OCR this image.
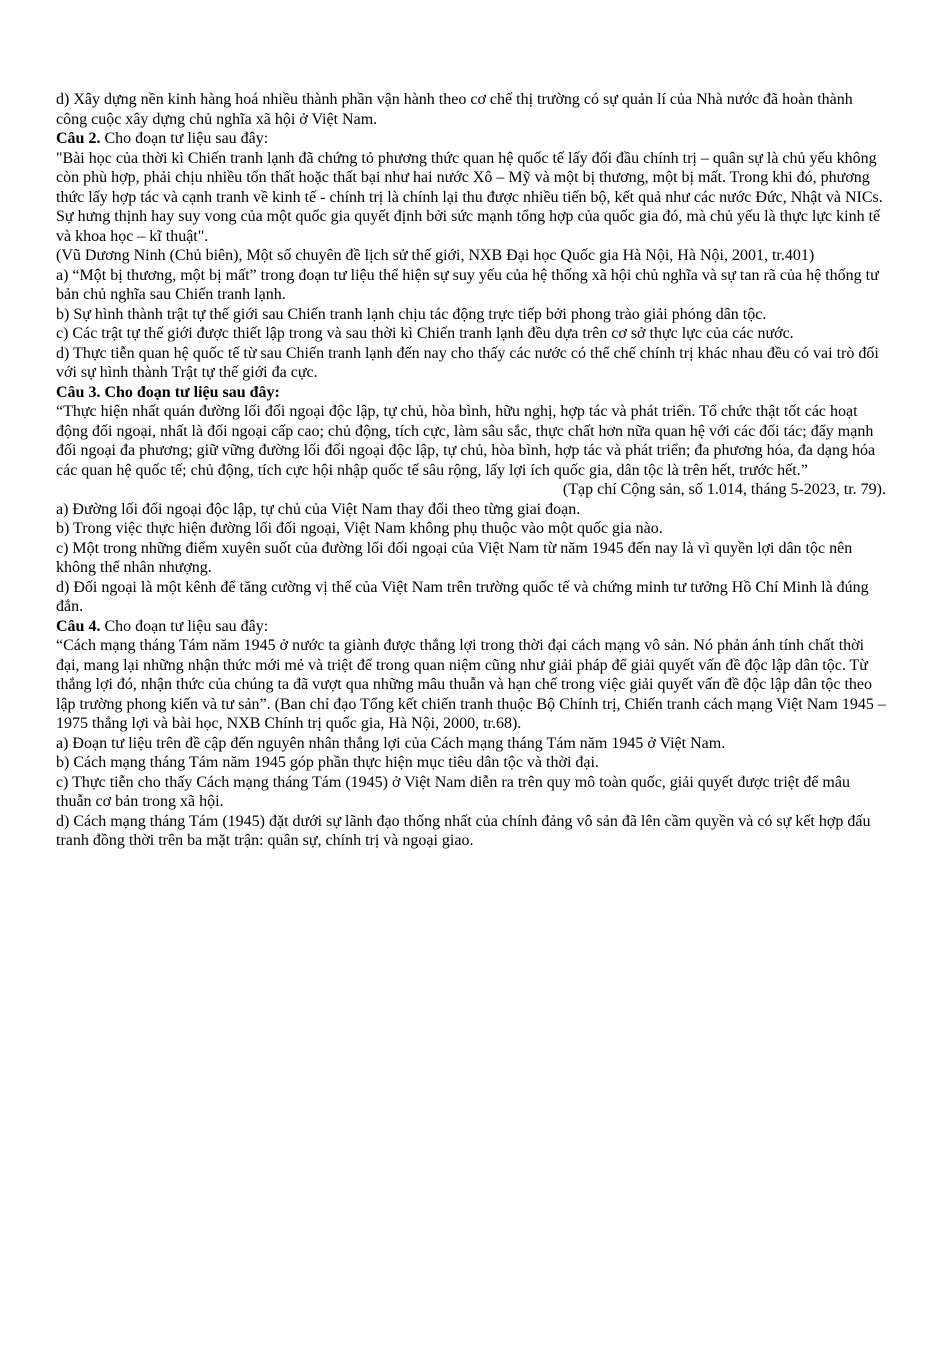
d) Xây dựng nền kinh hàng hoá nhiều thành phần vận hành theo cơ chế thị trường có sự quản lí của Nhà nước đã hoàn thành công cuộc xây dựng chủ nghĩa xã hội ở Việt Nam.

Câu 2. Cho đoạn tư liệu sau đây:

"Bài học của thời kì Chiến tranh lạnh đã chứng tỏ phương thức quan hệ quốc tế lấy đối đầu chính trị – quân sự là chủ yếu không còn phù hợp, phải chịu nhiều tổn thất hoặc thất bại như hai nước Xô – Mỹ và một bị thương, một bị mất. Trong khi đó, phương thức lấy hợp tác và cạnh tranh về kinh tế - chính trị là chính lại thu được nhiều tiến bộ, kết quả như các nước Đức, Nhật và NICs. Sự hưng thịnh hay suy vong của một quốc gia quyết định bởi sức mạnh tổng hợp của quốc gia đó, mà chủ yếu là thực lực kinh tế và khoa học – kĩ thuật".

(Vũ Dương Ninh (Chủ biên), Một số chuyên đề lịch sử thế giới, NXB Đại học Quốc gia Hà Nội, Hà Nội, 2001, tr.401)

a) “Một bị thương, một bị mất” trong đoạn tư liệu thể hiện sự suy yếu của hệ thống xã hội chủ nghĩa và sự tan rã của hệ thống tư bản chủ nghĩa sau Chiến tranh lạnh.

b) Sự hình thành trật tự thế giới sau Chiến tranh lạnh chịu tác động trực tiếp bởi phong trào giải phóng dân tộc.

c) Các trật tự thế giới được thiết lập trong và sau thời kì Chiến tranh lạnh đều dựa trên cơ sở thực lực của các nước.

d) Thực tiễn quan hệ quốc tế từ sau Chiến tranh lạnh đến nay cho thấy các nước có thể chế chính trị khác nhau đều có vai trò đối với sự hình thành Trật tự thế giới đa cực.

Câu 3. Cho đoạn tư liệu sau đây:

“Thực hiện nhất quán đường lối đối ngoại độc lập, tự chủ, hòa bình, hữu nghị, hợp tác và phát triển. Tổ chức thật tốt các hoạt động đối ngoại, nhất là đối ngoại cấp cao; chủ động, tích cực, làm sâu sắc, thực chất hơn nữa quan hệ với các đối tác; đẩy mạnh đối ngoại đa phương; giữ vững đường lối đối ngoại độc lập, tự chủ, hòa bình, hợp tác và phát triển; đa phương hóa, đa dạng hóa các quan hệ quốc tế; chủ động, tích cực hội nhập quốc tế sâu rộng, lấy lợi ích quốc gia, dân tộc là trên hết, trước hết.”

(Tạp chí Cộng sản, số 1.014, tháng 5-2023, tr. 79).

a) Đường lối đối ngoại độc lập, tự chủ của Việt Nam thay đổi theo từng giai đoạn.

b) Trong việc thực hiện đường lối đối ngoại, Việt Nam không phụ thuộc vào một quốc gia nào.

c) Một trong những điểm xuyên suốt của đường lối đối ngoại của Việt Nam từ năm 1945 đến nay là vì quyền lợi dân tộc nên không thể nhân nhượng.

d) Đối ngoại là một kênh để tăng cường vị thế của Việt Nam trên trường quốc tế và chứng minh tư tưởng Hồ Chí Minh là đúng đắn.

Câu 4. Cho đoạn tư liệu sau đây:

“Cách mạng tháng Tám năm 1945 ở nước ta giành được thắng lợi trong thời đại cách mạng vô sản. Nó phản ánh tính chất thời đại, mang lại những nhận thức mới mẻ và triệt để trong quan niệm cũng như giải pháp để giải quyết vấn đề độc lập dân tộc. Từ thắng lợi đó, nhận thức của chúng ta đã vượt qua những mâu thuẫn và hạn chế trong việc giải quyết vấn đề độc lập dân tộc theo lập trường phong kiến và tư sản”. (Ban chỉ đạo Tổng kết chiến tranh thuộc Bộ Chính trị, Chiến tranh cách mạng Việt Nam 1945 – 1975 thắng lợi và bài học, NXB Chính trị quốc gia, Hà Nội, 2000, tr.68).

a) Đoạn tư liệu trên đề cập đến nguyên nhân thắng lợi của Cách mạng tháng Tám năm 1945 ở Việt Nam.

b) Cách mạng tháng Tám năm 1945 góp phần thực hiện mục tiêu dân tộc và thời đại.

c) Thực tiễn cho thấy Cách mạng tháng Tám (1945) ở Việt Nam diễn ra trên quy mô toàn quốc, giải quyết được triệt để mâu thuẫn cơ bản trong xã hội.

d) Cách mạng tháng Tám (1945) đặt dưới sự lãnh đạo thống nhất của chính đảng vô sản đã lên cầm quyền và có sự kết hợp đấu tranh đồng thời trên ba mặt trận: quân sự, chính trị và ngoại giao.
